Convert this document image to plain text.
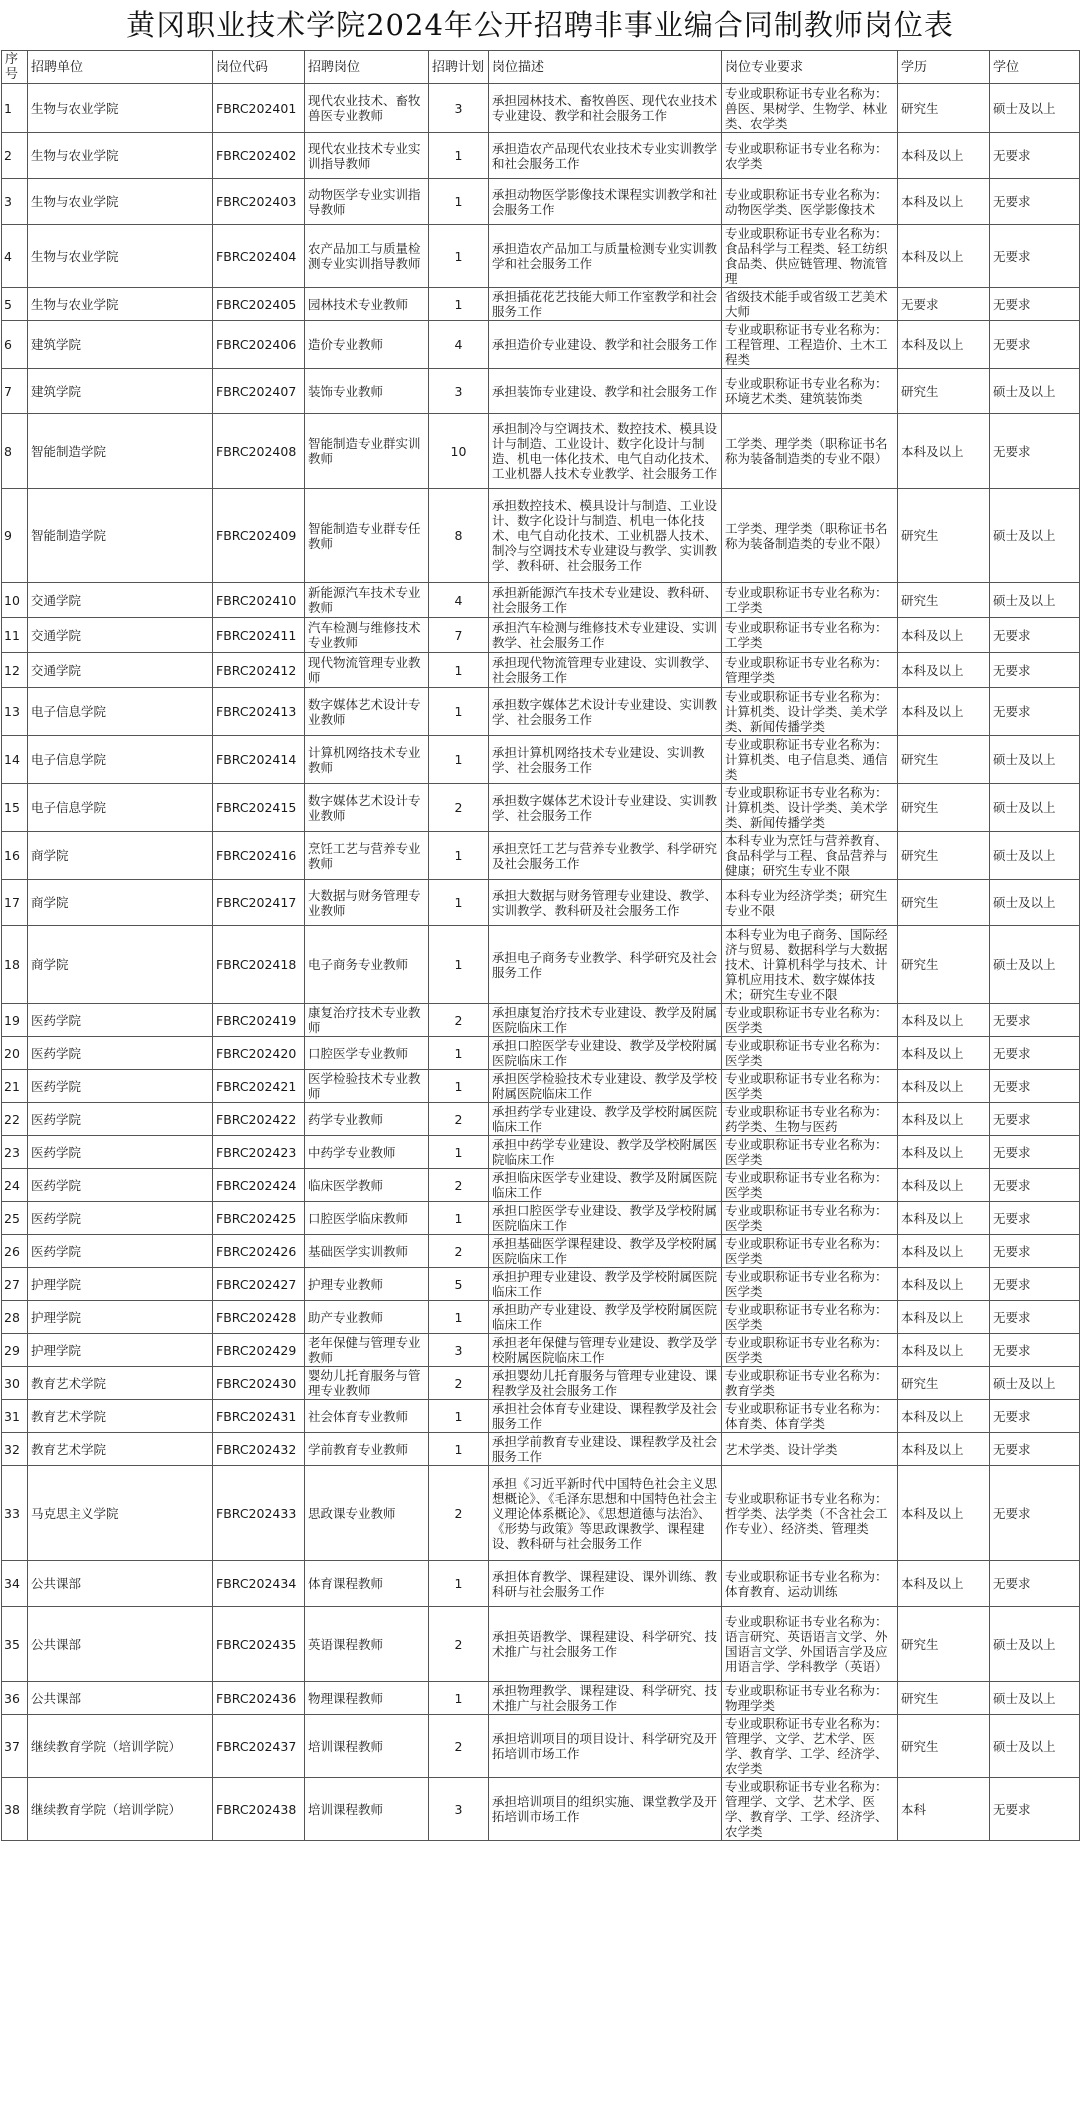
黄冈职业技术学院2024年公开招聘非事业编合同制教师岗位表
序号	招聘单位	岗位代码	招聘岗位	招聘计划	岗位描述	岗位专业要求	学历	学位
1	生物与农业学院	FBRC202401	现代农业技术、畜牧兽医专业教师	3	承担园林技术、畜牧兽医、现代农业技术专业建设、教学和社会服务工作	专业或职称证书专业名称为：兽医、果树学、生物学、林业类、农学类	研究生	硕士及以上
2	生物与农业学院	FBRC202402	现代农业技术专业实训指导教师	1	承担造农产品现代农业技术专业实训教学和社会服务工作	专业或职称证书专业名称为：农学类	本科及以上	无要求
3	生物与农业学院	FBRC202403	动物医学专业实训指导教师	1	承担动物医学影像技术课程实训教学和社会服务工作	专业或职称证书专业名称为：动物医学类、医学影像技术	本科及以上	无要求
4	生物与农业学院	FBRC202404	农产品加工与质量检测专业实训指导教师	1	承担造农产品加工与质量检测专业实训教学和社会服务工作	专业或职称证书专业名称为：食品科学与工程类、轻工纺织食品类、供应链管理、物流管理	本科及以上	无要求
5	生物与农业学院	FBRC202405	园林技术专业教师	1	承担插花花艺技能大师工作室教学和社会服务工作	省级技术能手或省级工艺美术大师	无要求	无要求
6	建筑学院	FBRC202406	造价专业教师	4	承担造价专业建设、教学和社会服务工作	专业或职称证书专业名称为：工程管理、工程造价、土木工程类	本科及以上	无要求
7	建筑学院	FBRC202407	装饰专业教师	3	承担装饰专业建设、教学和社会服务工作	专业或职称证书专业名称为：环境艺术类、建筑装饰类	研究生	硕士及以上
8	智能制造学院	FBRC202408	智能制造专业群实训教师	10	承担制冷与空调技术、数控技术、模具设计与制造、工业设计、数字化设计与制造、机电一体化技术、电气自动化技术、工业机器人技术专业教学、社会服务工作	工学类、理学类（职称证书名称为装备制造类的专业不限）	本科及以上	无要求
9	智能制造学院	FBRC202409	智能制造专业群专任教师	8	承担数控技术、模具设计与制造、工业设计、数字化设计与制造、机电一体化技术、电气自动化技术、工业机器人技术、制冷与空调技术专业建设与教学、实训教学、教科研、社会服务工作	工学类、理学类（职称证书名称为装备制造类的专业不限）	研究生	硕士及以上
10	交通学院	FBRC202410	新能源汽车技术专业教师	4	承担新能源汽车技术专业建设、教科研、社会服务工作	专业或职称证书专业名称为：工学类	研究生	硕士及以上
11	交通学院	FBRC202411	汽车检测与维修技术专业教师	7	承担汽车检测与维修技术专业建设、实训教学、社会服务工作	专业或职称证书专业名称为：工学类	本科及以上	无要求
12	交通学院	FBRC202412	现代物流管理专业教师	1	承担现代物流管理专业建设、实训教学、社会服务工作	专业或职称证书专业名称为：管理学类	本科及以上	无要求
13	电子信息学院	FBRC202413	数字媒体艺术设计专业教师	1	承担数字媒体艺术设计专业建设、实训教学、社会服务工作	专业或职称证书专业名称为：计算机类、设计学类、美术学类、新闻传播学类	本科及以上	无要求
14	电子信息学院	FBRC202414	计算机网络技术专业教师	1	承担计算机网络技术专业建设、实训教学、社会服务工作	专业或职称证书专业名称为：计算机类、电子信息类、通信类	研究生	硕士及以上
15	电子信息学院	FBRC202415	数字媒体艺术设计专业教师	2	承担数字媒体艺术设计专业建设、实训教学、社会服务工作	专业或职称证书专业名称为：计算机类、设计学类、美术学类、新闻传播学类	研究生	硕士及以上
16	商学院	FBRC202416	烹饪工艺与营养专业教师	1	承担烹饪工艺与营养专业教学、科学研究及社会服务工作	本科专业为烹饪与营养教育、食品科学与工程、食品营养与健康；研究生专业不限	研究生	硕士及以上
17	商学院	FBRC202417	大数据与财务管理专业教师	1	承担大数据与财务管理专业建设、教学、实训教学、教科研及社会服务工作	本科专业为经济学类；研究生专业不限	研究生	硕士及以上
18	商学院	FBRC202418	电子商务专业教师	1	承担电子商务专业教学、科学研究及社会服务工作	本科专业为电子商务、国际经济与贸易、数据科学与大数据技术、计算机科学与技术、计算机应用技术、数字媒体技术；研究生专业不限	研究生	硕士及以上
19	医药学院	FBRC202419	康复治疗技术专业教师	2	承担康复治疗技术专业建设、教学及附属医院临床工作	专业或职称证书专业名称为：医学类	本科及以上	无要求
20	医药学院	FBRC202420	口腔医学专业教师	1	承担口腔医学专业建设、教学及学校附属医院临床工作	专业或职称证书专业名称为：医学类	本科及以上	无要求
21	医药学院	FBRC202421	医学检验技术专业教师	1	承担医学检验技术专业建设、教学及学校附属医院临床工作	专业或职称证书专业名称为：医学类	本科及以上	无要求
22	医药学院	FBRC202422	药学专业教师	2	承担药学专业建设、教学及学校附属医院临床工作	专业或职称证书专业名称为：药学类、生物与医药	本科及以上	无要求
23	医药学院	FBRC202423	中药学专业教师	1	承担中药学专业建设、教学及学校附属医院临床工作	专业或职称证书专业名称为：医学类	本科及以上	无要求
24	医药学院	FBRC202424	临床医学教师	2	承担临床医学专业建设、教学及附属医院临床工作	专业或职称证书专业名称为：医学类	本科及以上	无要求
25	医药学院	FBRC202425	口腔医学临床教师	1	承担口腔医学专业建设、教学及学校附属医院临床工作	专业或职称证书专业名称为：医学类	本科及以上	无要求
26	医药学院	FBRC202426	基础医学实训教师	2	承担基础医学课程建设、教学及学校附属医院临床工作	专业或职称证书专业名称为：医学类	本科及以上	无要求
27	护理学院	FBRC202427	护理专业教师	5	承担护理专业建设、教学及学校附属医院临床工作	专业或职称证书专业名称为：医学类	本科及以上	无要求
28	护理学院	FBRC202428	助产专业教师	1	承担助产专业建设、教学及学校附属医院临床工作	专业或职称证书专业名称为：医学类	本科及以上	无要求
29	护理学院	FBRC202429	老年保健与管理专业教师	3	承担老年保健与管理专业建设、教学及学校附属医院临床工作	专业或职称证书专业名称为：医学类	本科及以上	无要求
30	教育艺术学院	FBRC202430	婴幼儿托育服务与管理专业教师	2	承担婴幼儿托育服务与管理专业建设、课程教学及社会服务工作	专业或职称证书专业名称为：教育学类	研究生	硕士及以上
31	教育艺术学院	FBRC202431	社会体育专业教师	1	承担社会体育专业建设、课程教学及社会服务工作	专业或职称证书专业名称为：体育类、体育学类	本科及以上	无要求
32	教育艺术学院	FBRC202432	学前教育专业教师	1	承担学前教育专业建设、课程教学及社会服务工作	艺术学类、设计学类	本科及以上	无要求
33	马克思主义学院	FBRC202433	思政课专业教师	2	承担《习近平新时代中国特色社会主义思想概论》、《毛泽东思想和中国特色社会主义理论体系概论》、《思想道德与法治》、《形势与政策》等思政课教学、课程建设、教科研与社会服务工作	专业或职称证书专业名称为：哲学类、法学类（不含社会工作专业）、经济类、管理类	本科及以上	无要求
34	公共课部	FBRC202434	体育课程教师	1	承担体育教学、课程建设、课外训练、教科研与社会服务工作	专业或职称证书专业名称为：体育教育、运动训练	本科及以上	无要求
35	公共课部	FBRC202435	英语课程教师	2	承担英语教学、课程建设、科学研究、技术推广与社会服务工作	专业或职称证书专业名称为：语言研究、英语语言文学、外国语言文学、外国语言学及应用语言学、学科教学（英语）	研究生	硕士及以上
36	公共课部	FBRC202436	物理课程教师	1	承担物理教学、课程建设、科学研究、技术推广与社会服务工作	专业或职称证书专业名称为：物理学类	研究生	硕士及以上
37	继续教育学院（培训学院）	FBRC202437	培训课程教师	2	承担培训项目的项目设计、科学研究及开拓培训市场工作	专业或职称证书专业名称为：管理学、文学、艺术学、医学、教育学、工学、经济学、农学类	研究生	硕士及以上
38	继续教育学院（培训学院）	FBRC202438	培训课程教师	3	承担培训项目的组织实施、课堂教学及开拓培训市场工作	专业或职称证书专业名称为：管理学、文学、艺术学、医学、教育学、工学、经济学、农学类	本科	无要求
